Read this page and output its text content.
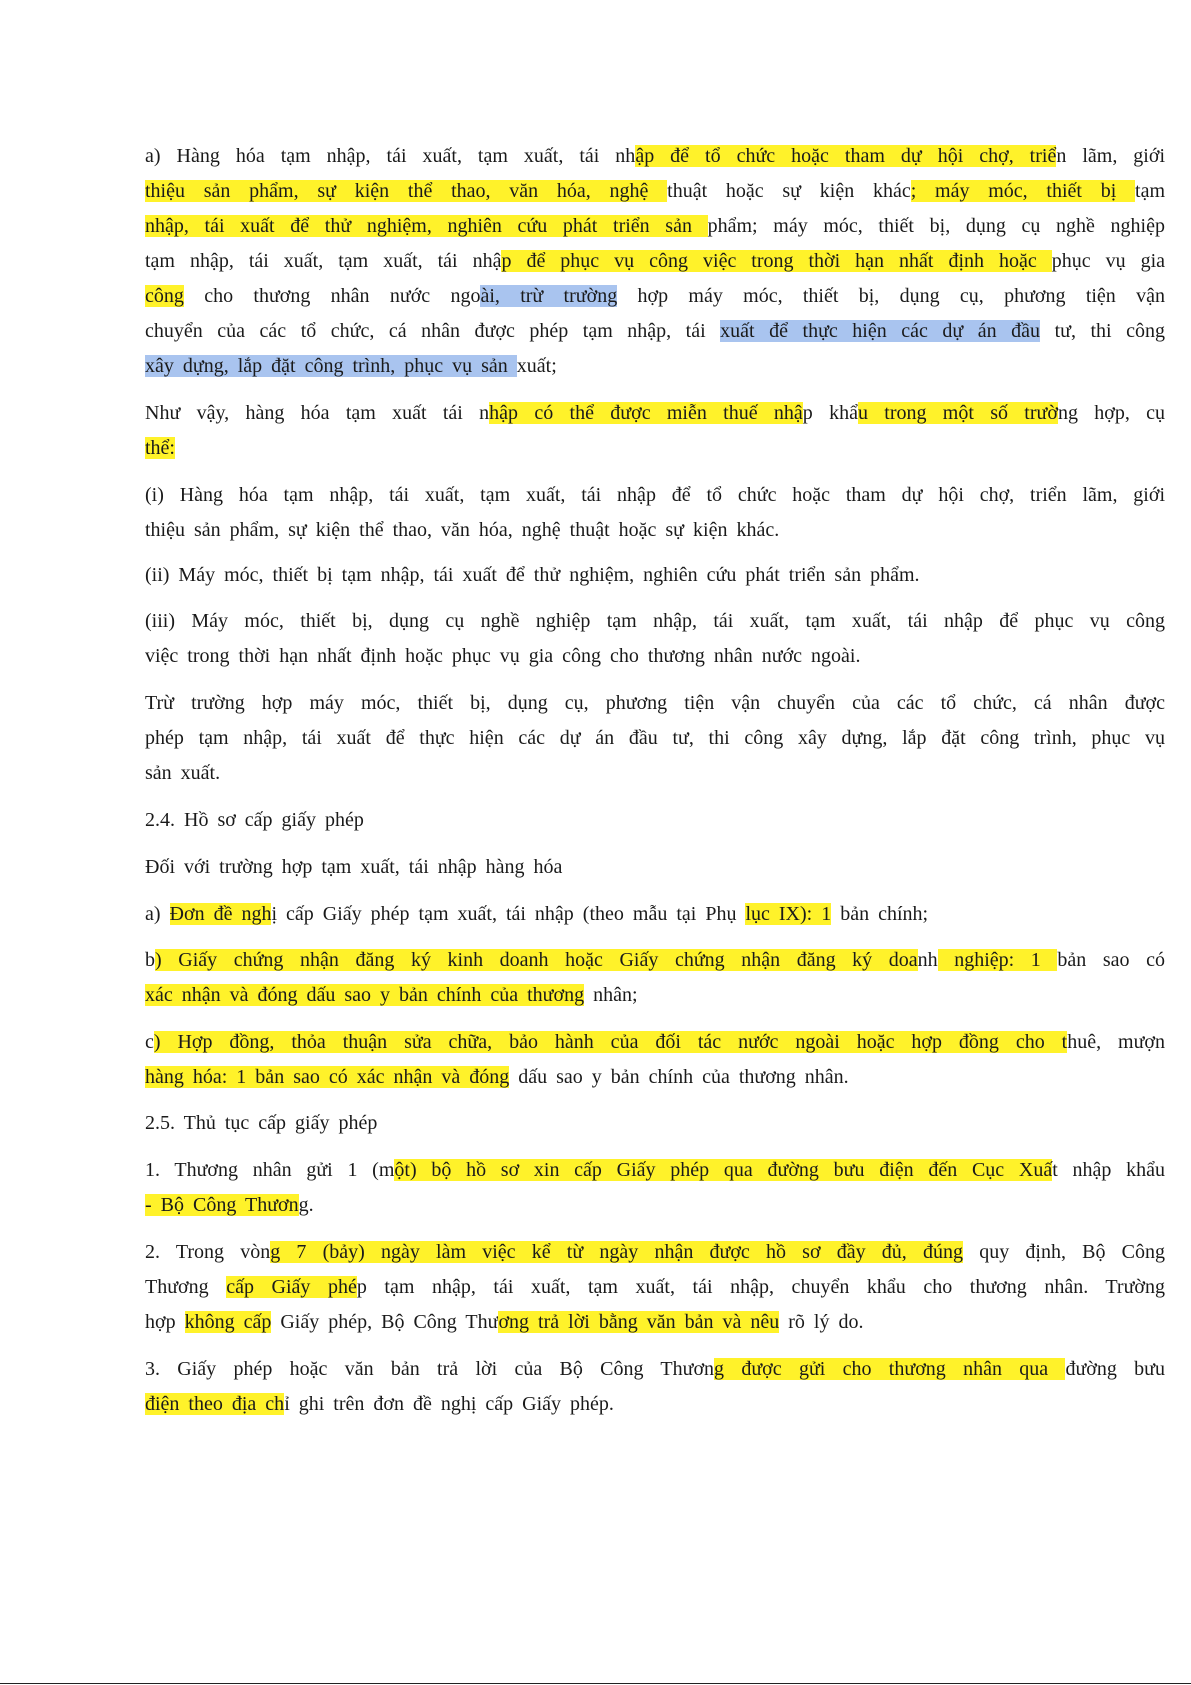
a) Hàng hóa tạm nhập, tái xuất, tạm xuất, tái nhập để tổ chức hoặc tham dự hội chợ, triển lãm, giới
thiệu sản phẩm, sự kiện thể thao, văn hóa, nghệ thuật hoặc sự kiện khác; máy móc, thiết bị tạm
nhập, tái xuất để thử nghiệm, nghiên cứu phát triển sản phẩm; máy móc, thiết bị, dụng cụ nghề nghiệp
tạm nhập, tái xuất, tạm xuất, tái nhập để phục vụ công việc trong thời hạn nhất định hoặc phục vụ gia
công cho thương nhân nước ngoài, trừ trường hợp máy móc, thiết bị, dụng cụ, phương tiện vận
chuyển của các tổ chức, cá nhân được phép tạm nhập, tái xuất để thực hiện các dự án đầu tư, thi công
xây dựng, lắp đặt công trình, phục vụ sản xuất;
Như vậy, hàng hóa tạm xuất tái nhập có thể được miễn thuế nhập khẩu trong một số trường hợp, cụ
thể:
(i) Hàng hóa tạm nhập, tái xuất, tạm xuất, tái nhập để tổ chức hoặc tham dự hội chợ, triển lãm, giới
thiệu sản phẩm, sự kiện thể thao, văn hóa, nghệ thuật hoặc sự kiện khác.
(ii) Máy móc, thiết bị tạm nhập, tái xuất để thử nghiệm, nghiên cứu phát triển sản phẩm.
(iii) Máy móc, thiết bị, dụng cụ nghề nghiệp tạm nhập, tái xuất, tạm xuất, tái nhập để phục vụ công
việc trong thời hạn nhất định hoặc phục vụ gia công cho thương nhân nước ngoài.
Trừ trường hợp máy móc, thiết bị, dụng cụ, phương tiện vận chuyển của các tổ chức, cá nhân được
phép tạm nhập, tái xuất để thực hiện các dự án đầu tư, thi công xây dựng, lắp đặt công trình, phục vụ
sản xuất.
2.4. Hồ sơ cấp giấy phép
Đối với trường hợp tạm xuất, tái nhập hàng hóa
a) Đơn đề nghị cấp Giấy phép tạm xuất, tái nhập (theo mẫu tại Phụ lục IX): 1 bản chính;
b) Giấy chứng nhận đăng ký kinh doanh hoặc Giấy chứng nhận đăng ký doanh nghiệp: 1 bản sao có
xác nhận và đóng dấu sao y bản chính của thương nhân;
c) Hợp đồng, thỏa thuận sửa chữa, bảo hành của đối tác nước ngoài hoặc hợp đồng cho thuê, mượn
hàng hóa: 1 bản sao có xác nhận và đóng dấu sao y bản chính của thương nhân.
2.5. Thủ tục cấp giấy phép
1. Thương nhân gửi 1 (một) bộ hồ sơ xin cấp Giấy phép qua đường bưu điện đến Cục Xuất nhập khẩu
- Bộ Công Thương.
2. Trong vòng 7 (bảy) ngày làm việc kể từ ngày nhận được hồ sơ đầy đủ, đúng quy định, Bộ Công
Thương cấp Giấy phép tạm nhập, tái xuất, tạm xuất, tái nhập, chuyển khẩu cho thương nhân. Trường
hợp không cấp Giấy phép, Bộ Công Thương trả lời bằng văn bản và nêu rõ lý do.
3. Giấy phép hoặc văn bản trả lời của Bộ Công Thương được gửi cho thương nhân qua đường bưu
điện theo địa chỉ ghi trên đơn đề nghị cấp Giấy phép.
